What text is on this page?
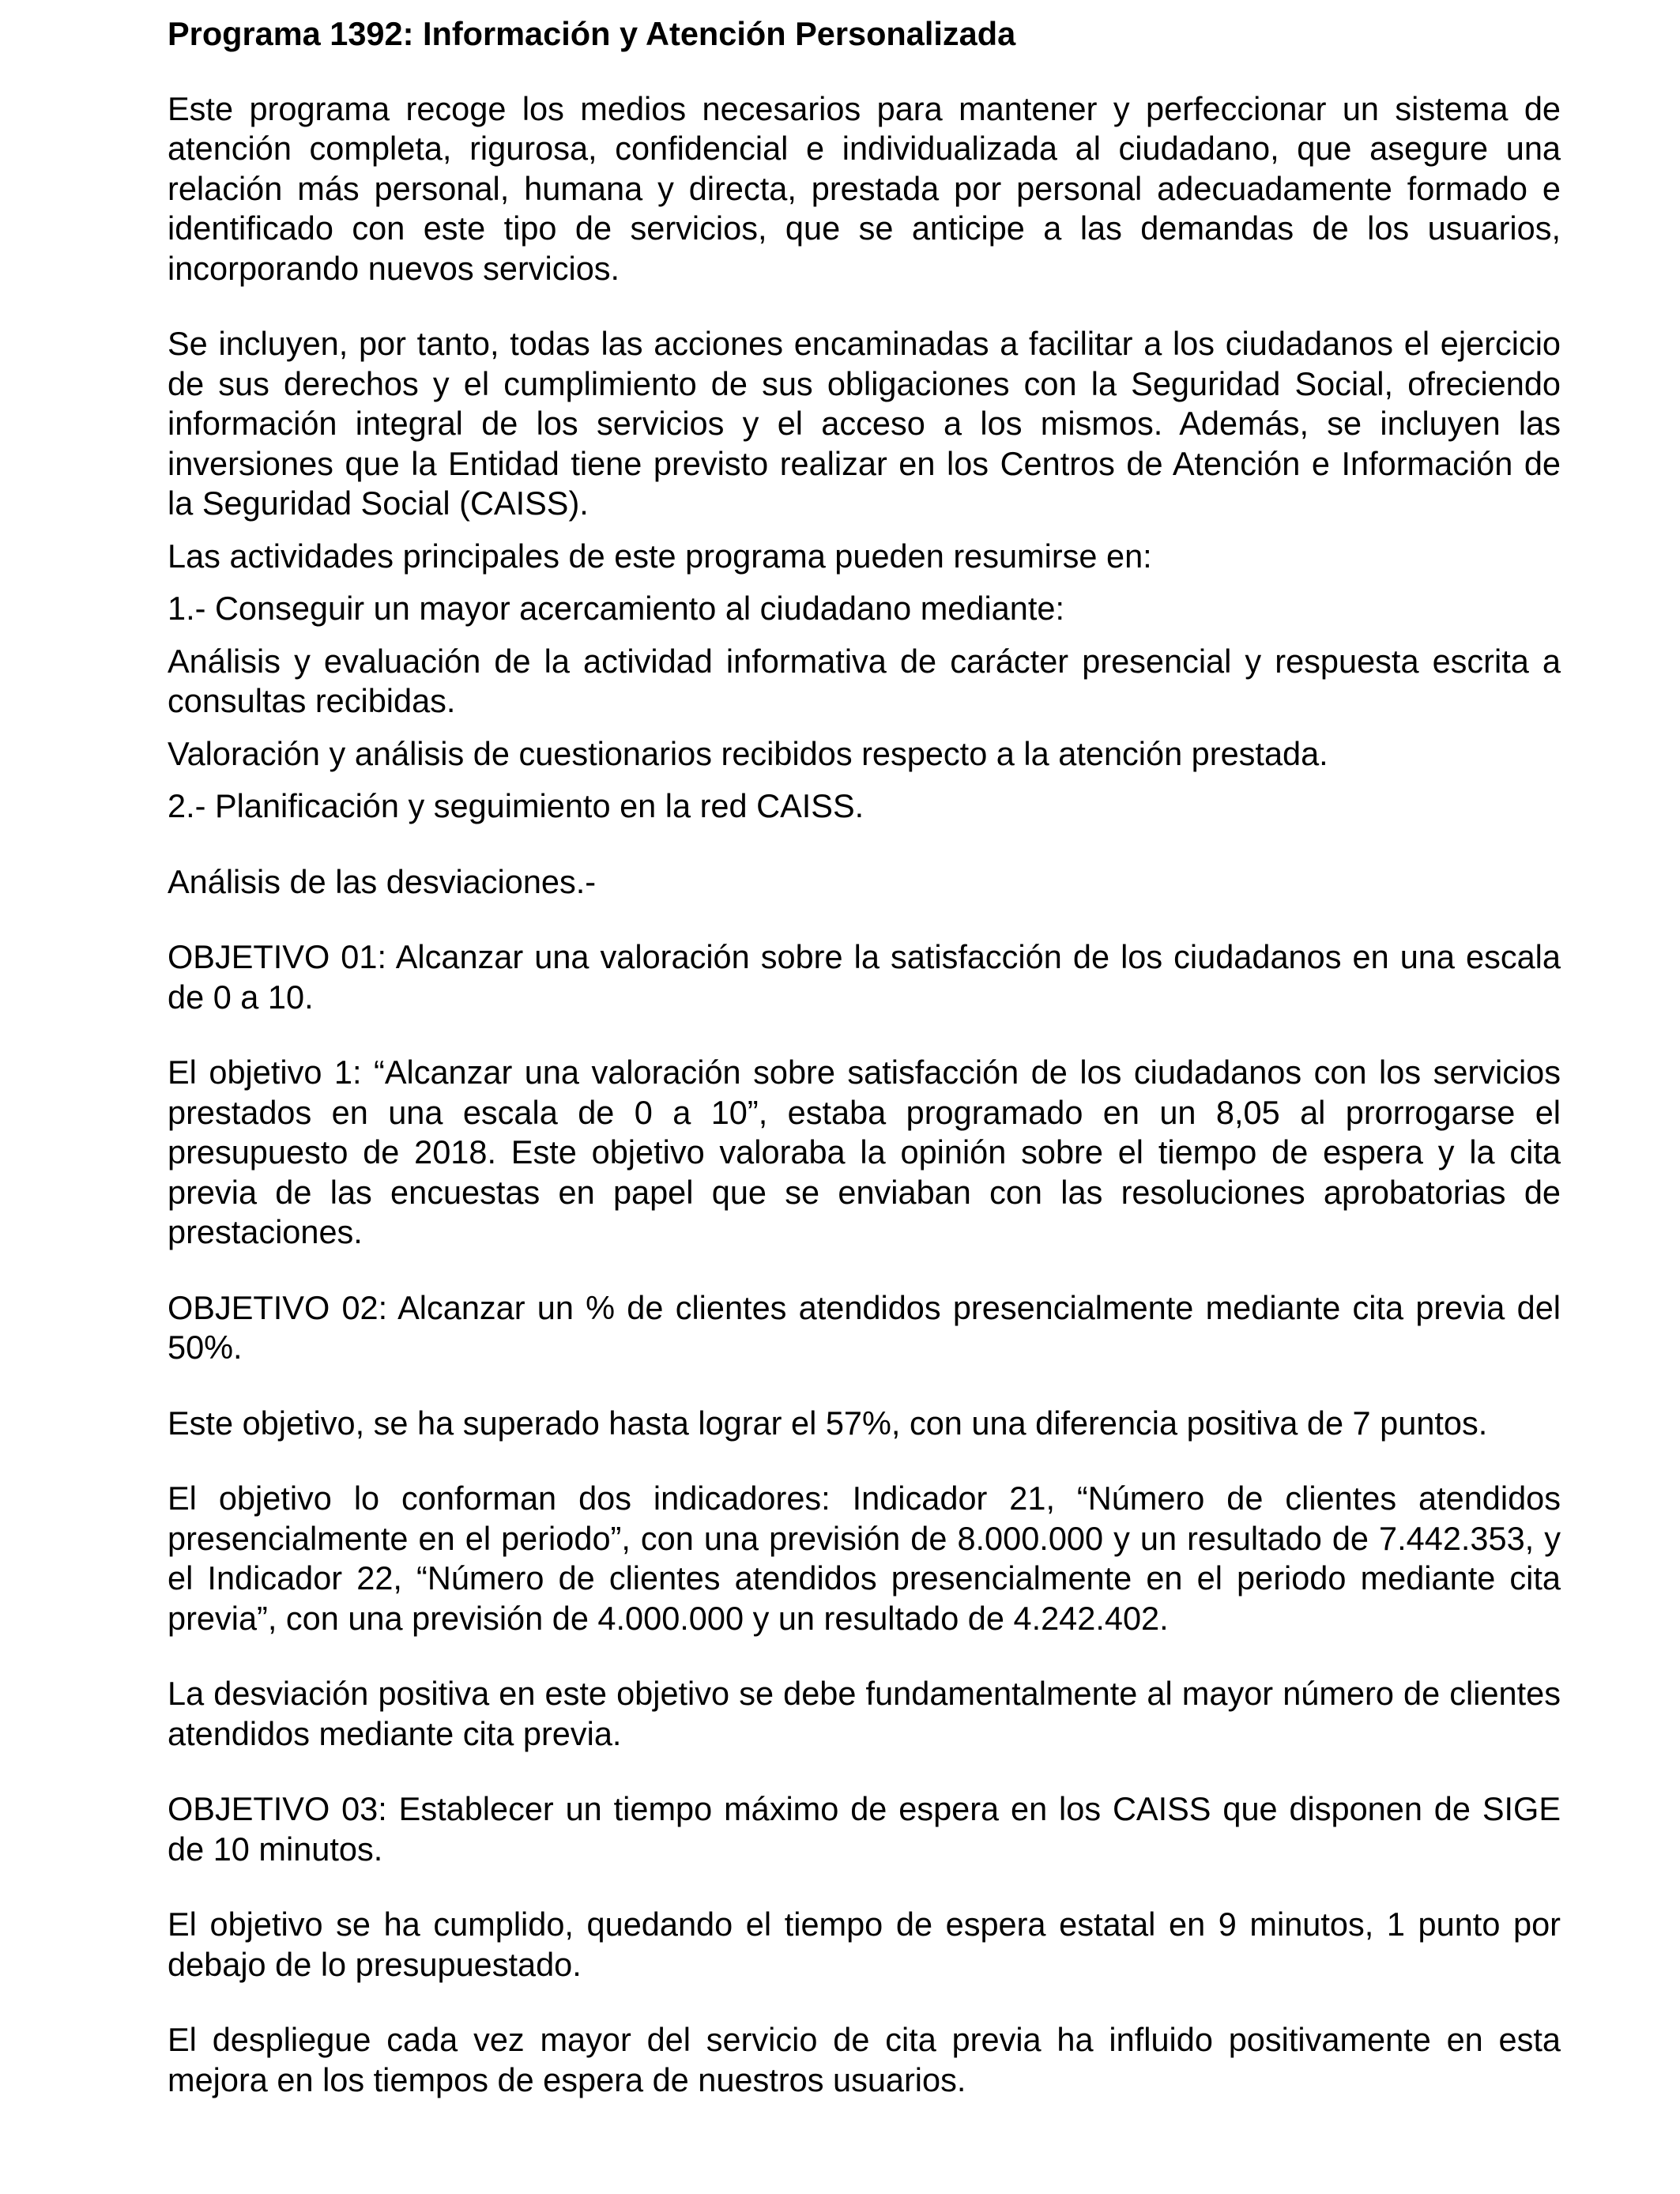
Programa 1392: Información y Atención Personalizada

Este programa recoge los medios necesarios para mantener y perfeccionar un sistema de atención completa, rigurosa, confidencial e individualizada al ciudadano, que asegure una relación más personal, humana y directa, prestada por personal adecuadamente formado e identificado con este tipo de servicios, que se anticipe a las demandas de los usuarios, incorporando nuevos servicios.

Se incluyen, por tanto, todas las acciones encaminadas a facilitar a los ciudadanos el ejercicio de sus derechos y el cumplimiento de sus obligaciones con la Seguridad Social, ofreciendo información integral de los servicios y el acceso a los mismos. Además, se incluyen las inversiones que la Entidad tiene previsto realizar en los Centros de Atención e Información de la Seguridad Social (CAISS).

Las actividades principales de este programa pueden resumirse en:

1.- Conseguir un mayor acercamiento al ciudadano mediante:

Análisis y evaluación de la actividad informativa de carácter presencial y respuesta escrita a consultas recibidas.

Valoración y análisis de cuestionarios recibidos respecto a la atención prestada.

2.- Planificación y seguimiento en la red CAISS.

Análisis de las desviaciones.-

OBJETIVO 01: Alcanzar una valoración sobre la satisfacción de los ciudadanos en una escala de 0 a 10.

El objetivo 1: “Alcanzar una valoración sobre satisfacción de los ciudadanos con los servicios prestados en una escala de 0 a 10”, estaba programado en un 8,05 al prorrogarse el presupuesto de 2018. Este objetivo valoraba la opinión sobre el tiempo de espera y la cita previa de las encuestas en papel que se enviaban con las resoluciones aprobatorias de prestaciones.

OBJETIVO 02: Alcanzar un % de clientes atendidos presencialmente mediante cita previa del 50%.

Este objetivo, se ha superado hasta lograr el 57%, con una diferencia positiva de 7 puntos.

El objetivo lo conforman dos indicadores: Indicador 21, “Número de clientes atendidos presencialmente en el periodo”, con una previsión de 8.000.000 y un resultado de 7.442.353, y el Indicador 22, “Número de clientes atendidos presencialmente en el periodo mediante cita previa”, con una previsión de 4.000.000 y un resultado de 4.242.402.

La desviación positiva en este objetivo se debe fundamentalmente al mayor número de clientes atendidos mediante cita previa.

OBJETIVO 03: Establecer un tiempo máximo de espera en los CAISS que disponen de SIGE de 10 minutos.

El objetivo se ha cumplido, quedando el tiempo de espera estatal en 9 minutos, 1 punto por debajo de lo presupuestado.

El despliegue cada vez mayor del servicio de cita previa ha influido positivamente en esta mejora en los tiempos de espera de nuestros usuarios.
